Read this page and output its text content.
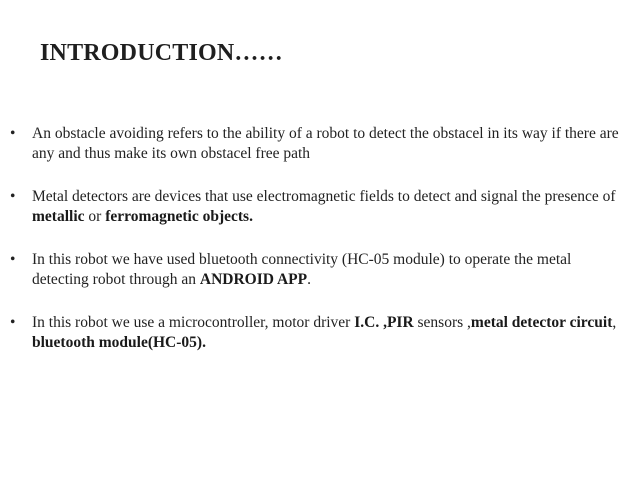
INTRODUCTION……
• An obstacle avoiding refers to the ability of a robot to detect the obstacel in its way if there are any and thus make its own obstacel free path
• Metal detectors are devices that use electromagnetic fields to detect and signal the presence of metallic or ferromagnetic objects.
• In this robot we have used bluetooth connectivity (HC-05 module) to operate the metal detecting robot through an ANDROID APP.
• In this robot we use a microcontroller, motor driver I.C. ,PIR sensors ,metal detector circuit, bluetooth module(HC-05).
